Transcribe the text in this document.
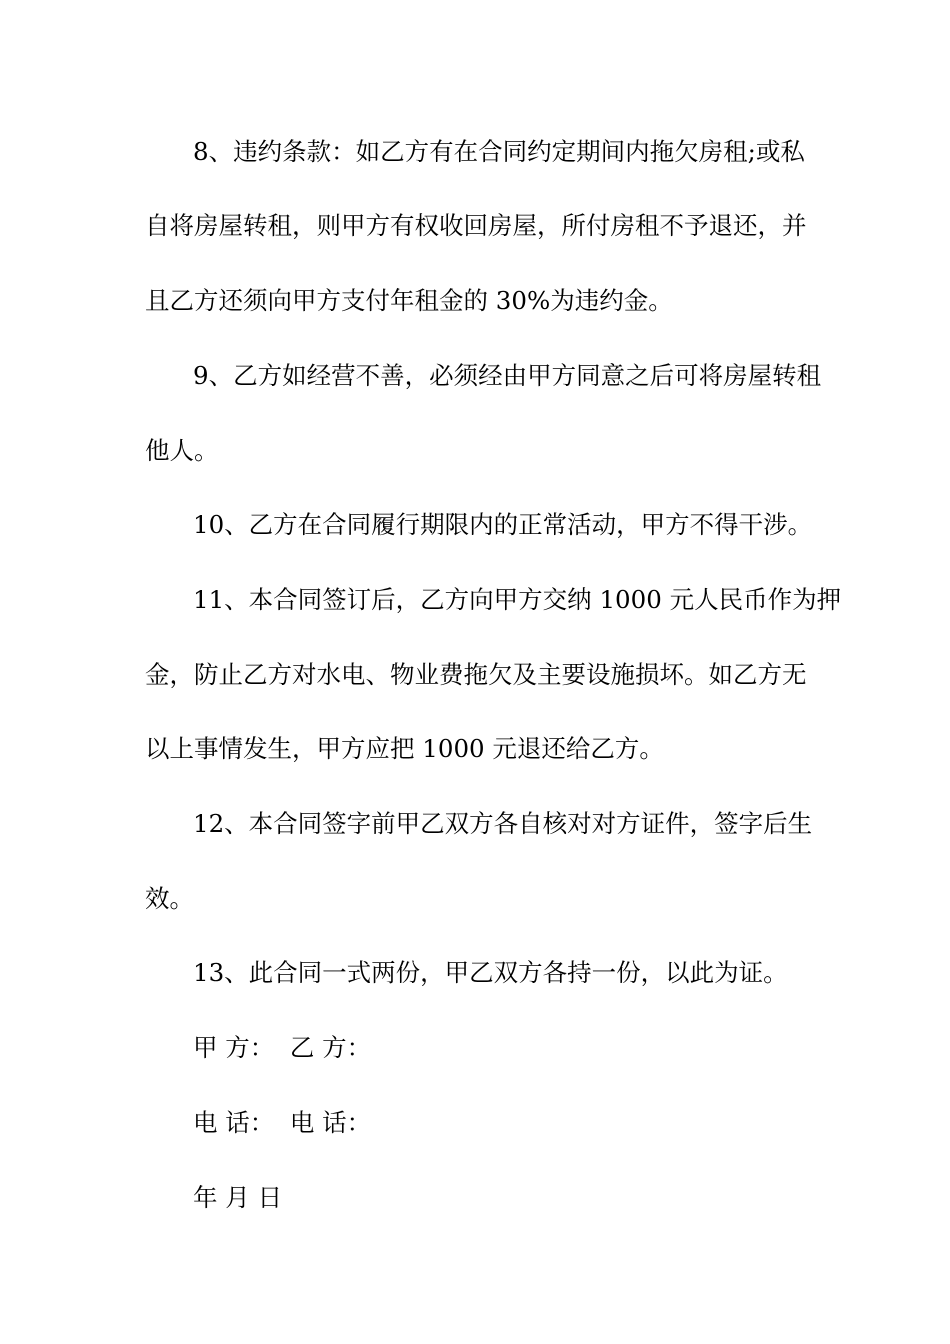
8、违约条款：如乙方有在合同约定期间内拖欠房租;或私
自将房屋转租，则甲方有权收回房屋，所付房租不予退还，并
且乙方还须向甲方支付年租金的 30%为违约金。
9、乙方如经营不善，必须经由甲方同意之后可将房屋转租
他人。
10、乙方在合同履行期限内的正常活动，甲方不得干涉。
11、本合同签订后，乙方向甲方交纳 1000 元人民币作为押
金，防止乙方对水电、物业费拖欠及主要设施损坏。如乙方无
以上事情发生，甲方应把 1000 元退还给乙方。
12、本合同签字前甲乙双方各自核对对方证件，签字后生
效。
13、此合同一式两份，甲乙双方各持一份，以此为证。
甲 方：  乙 方：
电 话：  电 话：
年 月 日
